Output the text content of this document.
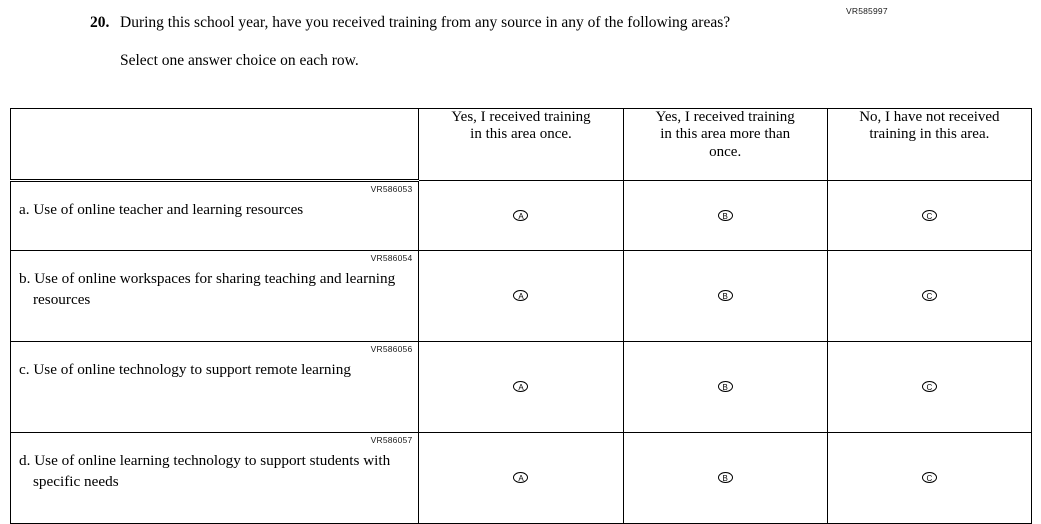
VR585997
20. During this school year, have you received training from any source in any of the following areas?
Select one answer choice on each row.

	Yes, I received training
in this area once.	Yes, I received training
in this area more than
once.	No, I have not received
training in this area.

VR586053
a. Use of online teacher and learning resources	A	B	C

VR586054
b. Use of online workspaces for sharing teaching and learning resources	A	B	C

VR586056
c. Use of online technology to support remote learning	A	B	C

VR586057
d. Use of online learning technology to support students with specific needs	A	B	C
